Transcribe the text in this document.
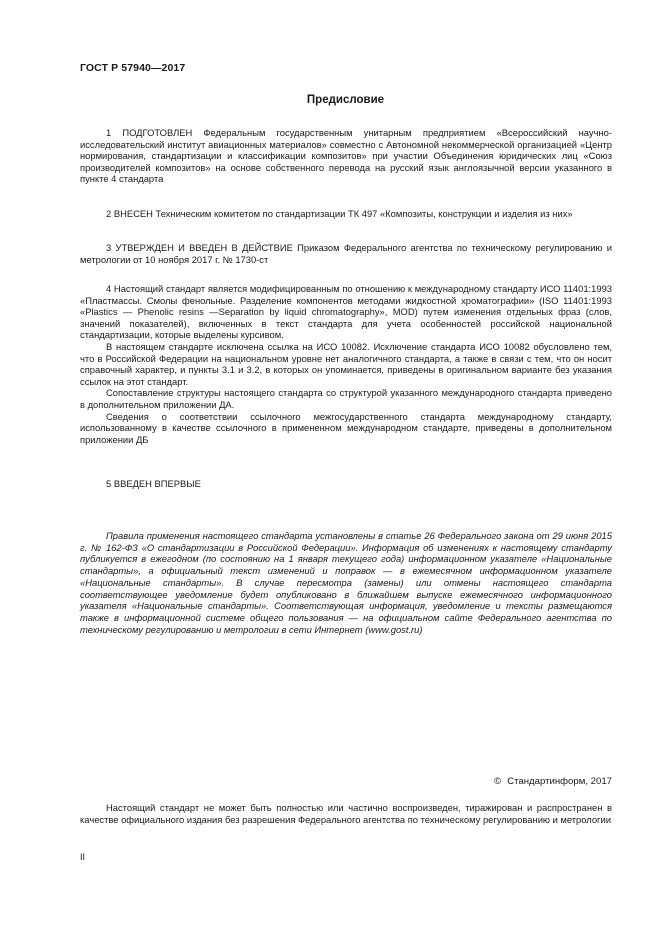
ГОСТ Р 57940—2017
Предисловие

1 ПОДГОТОВЛЕН Федеральным государственным унитарным предприятием «Всероссийский научно-исследовательский институт авиационных материалов» совместно с Автономной некоммерческой организацией «Центр нормирования, стандартизации и классификации композитов» при участии Объединения юридических лиц «Союз производителей композитов» на основе собственного перевода на русский язык англоязычной версии указанного в пункте 4 стандарта

2 ВНЕСЕН Техническим комитетом по стандартизации ТК 497 «Композиты, конструкции и изделия из них»

3 УТВЕРЖДЕН И ВВЕДЕН В ДЕЙСТВИЕ Приказом Федерального агентства по техническому регулированию и метрологии от 10 ноября 2017 г. № 1730-ст

4 Настоящий стандарт является модифицированным по отношению к международному стандарту ИСО 11401:1993 «Пластмассы. Смолы фенольные. Разделение компонентов методами жидкостной хроматографии» (ISO 11401:1993 «Plastics — Phenolic resins —Separation by liquid chromatography», MOD) путем изменения отдельных фраз (слов, значений показателей), включенных в текст стандарта для учета особенностей российской национальной стандартизации, которые выделены курсивом.

В настоящем стандарте исключена ссылка на ИСО 10082. Исключение стандарта ИСО 10082 обусловлено тем, что в Российской Федерации на национальном уровне нет аналогичного стандарта, а также в связи с тем, что он носит справочный характер, и пункты 3.1 и 3.2, в которых он упоминается, приведены в оригинальном варианте без указания ссылок на этот стандарт.

Сопоставление структуры настоящего стандарта со структурой указанного международного стандарта приведено в дополнительном приложении ДА.

Сведения о соответствии ссылочного межгосударственного стандарта международному стандарту, использованному в качестве ссылочного в примененном международном стандарте, приведены в дополнительном приложении ДБ

5 ВВЕДЕН ВПЕРВЫЕ

Правила применения настоящего стандарта установлены в статье 26 Федерального закона от 29 июня 2015 г. № 162-ФЗ «О стандартизации в Российской Федерации». Информация об изменениях к настоящему стандарту публикуется в ежегодном (по состоянию на 1 января текущего года) информационном указателе «Национальные стандарты», а официальный текст изменений и поправок — в ежемесячном информационном указателе «Национальные стандарты». В случае пересмотра (замены) или отмены настоящего стандарта соответствующее уведомление будет опубликовано в ближайшем выпуске ежемесячного информационного указателя «Национальные стандарты». Соответствующая информация, уведомление и тексты размещаются также в информационной системе общего пользования — на официальном сайте Федерального агентства по техническому регулированию и метрологии в сети Интернет (www.gost.ru)

© Стандартинформ, 2017

Настоящий стандарт не может быть полностью или частично воспроизведен, тиражирован и распространен в качестве официального издания без разрешения Федерального агентства по техническому регулированию и метрологии

II
